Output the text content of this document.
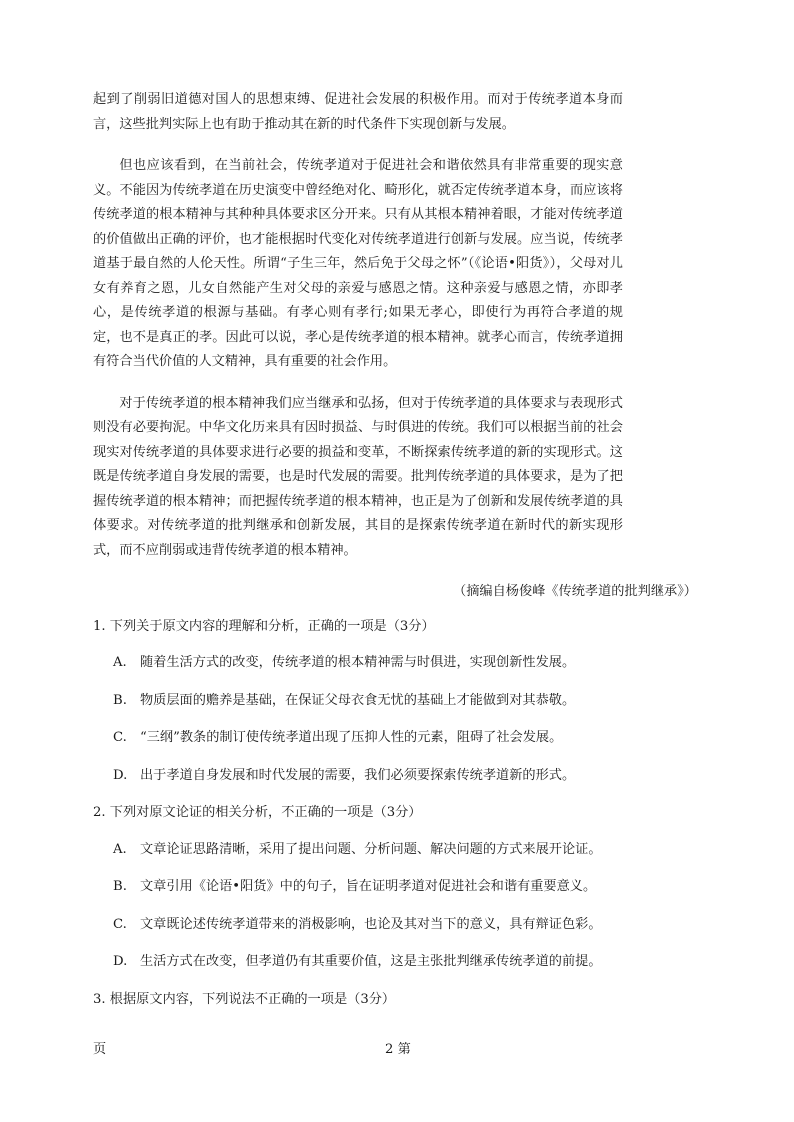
起到了削弱旧道德对国人的思想束缚、促进社会发展的积极作用。而对于传统孝道本身而言，这些批判实际上也有助于推动其在新的时代条件下实现创新与发展。

但也应该看到，在当前社会，传统孝道对于促进社会和谐依然具有非常重要的现实意义。不能因为传统孝道在历史演变中曾经绝对化、畸形化，就否定传统孝道本身，而应该将传统孝道的根本精神与其种种具体要求区分开来。只有从其根本精神着眼，才能对传统孝道的价值做出正确的评价，也才能根据时代变化对传统孝道进行创新与发展。应当说，传统孝道基于最自然的人伦天性。所谓“子生三年，然后免于父母之怀”（《论语•阳货》），父母对儿女有养育之恩，儿女自然能产生对父母的亲爱与感恩之情。这种亲爱与感恩之情，亦即孝心，是传统孝道的根源与基础。有孝心则有孝行;如果无孝心，即使行为再符合孝道的规定，也不是真正的孝。因此可以说，孝心是传统孝道的根本精神。就孝心而言，传统孝道拥有符合当代价值的人文精神，具有重要的社会作用。

对于传统孝道的根本精神我们应当继承和弘扬，但对于传统孝道的具体要求与表现形式则没有必要拘泥。中华文化历来具有因时损益、与时俱进的传统。我们可以根据当前的社会现实对传统孝道的具体要求进行必要的损益和变革，不断探索传统孝道的新的实现形式。这既是传统孝道自身发展的需要，也是时代发展的需要。批判传统孝道的具体要求，是为了把握传统孝道的根本精神；而把握传统孝道的根本精神，也正是为了创新和发展传统孝道的具体要求。对传统孝道的批判继承和创新发展，其目的是探索传统孝道在新时代的新实现形式，而不应削弱或违背传统孝道的根本精神。

（摘编自杨俊峰《传统孝道的批判继承》）
1. 下列关于原文内容的理解和分析，正确的一项是（3分）
A.	随着生活方式的改变，传统孝道的根本精神需与时俱进，实现创新性发展。
B. 物质层面的赡养是基础，在保证父母衣食无忧的基础上才能做到对其恭敬。
C. “三纲”教条的制订使传统孝道出现了压抑人性的元素，阻碍了社会发展。
D. 出于孝道自身发展和时代发展的需要，我们必须要探索传统孝道新的形式。
2. 下列对原文论证的相关分析，不正确的一项是（3分）
A.	文章论证思路清晰，采用了提出问题、分析问题、解决问题的方式来展开论证。
B. 文章引用《论语•阳货》中的句子，旨在证明孝道对促进社会和谐有重要意义。
C. 文章既论述传统孝道带来的消极影响，也论及其对当下的意义，具有辩证色彩。
D. 生活方式在改变，但孝道仍有其重要价值，这是主张批判继承传统孝道的前提。
3. 根据原文内容，下列说法不正确的一项是（3分）
页	2 第
